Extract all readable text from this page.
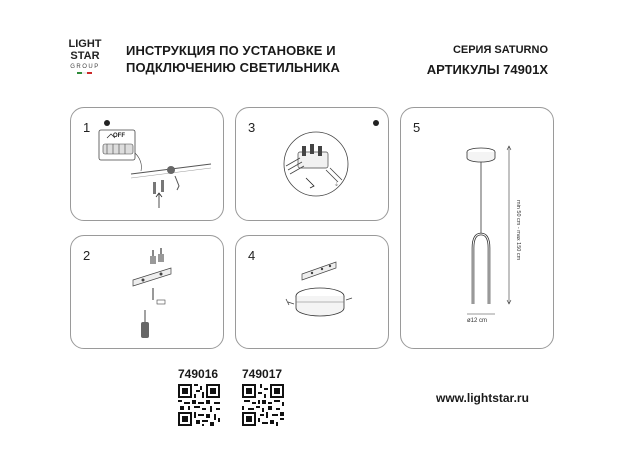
LIGHT
STAR
GROUP
ИНСТРУКЦИЯ ПО УСТАНОВКЕ И
ПОДКЛЮЧЕНИЮ СВЕТИЛЬНИКА
СЕРИЯ SATURNO
АРТИКУЛЫ 74901X
1
OFF
3
⏚
2	4
5
min 50 cm - max 150 cm
ø12 cm
749016 749017
www.lightstar.ru
